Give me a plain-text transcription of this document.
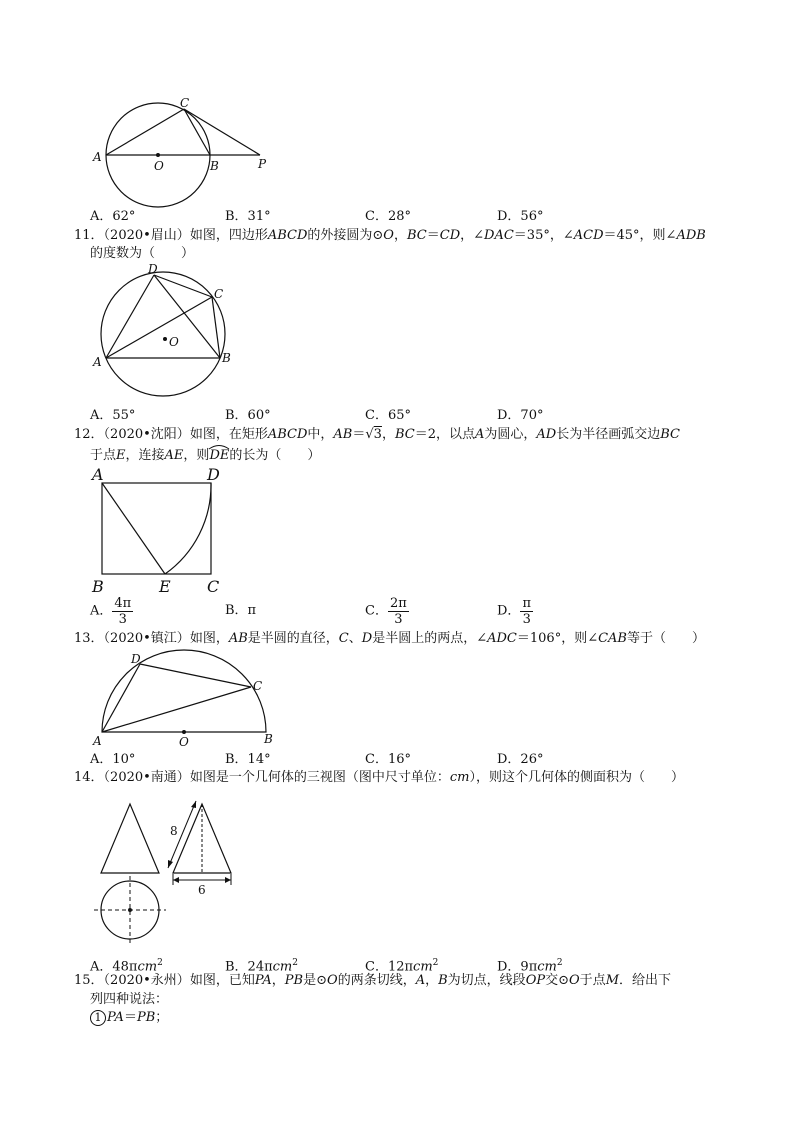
A
O	B	P
C
A．62°	B．31°	C．28°	D．56°
11．（2020•眉山）如图，四边形ABCD的外接圆为⊙O，BC＝CD，∠DAC＝35°，∠ACD＝45°，则∠ADB
的度数为（　　）
D
C
O
A	B
A．55°	B．60°	C．65°	D．70°
12．（2020•沈阳）如图，在矩形ABCD中，AB＝√3，BC＝2，以点A为圆心，AD长为半径画弧交边BC
于点E，连接AE，则
DE的长为（　　）
A	D
B	E C
A． $\frac{4\pi}{3}$	B．π	C． $\frac{2\pi}{3}$	D． $\frac{\pi}{3}$
13．（2020•镇江）如图，AB是半圆的直径，C、D是半圆上的两点，∠ADC＝106°，则∠CAB等于（　　）
D
C
A	O	B
A．10°	B．14°	C．16°	D．26°
14．（2020•南通）如图是一个几何体的三视图（图中尺寸单位：cm），则这个几何体的侧面积为（　　）
8
6
A．48πcm$^2$	B．24πcm$^2$	C．12πcm$^2$	D．9πcm$^2$
15．（2020•永州）如图，已知PA，PB是⊙O的两条切线，A，B为切点，线段OP交⊙O于点M．给出下
列四种说法：
1 PA＝PB；
